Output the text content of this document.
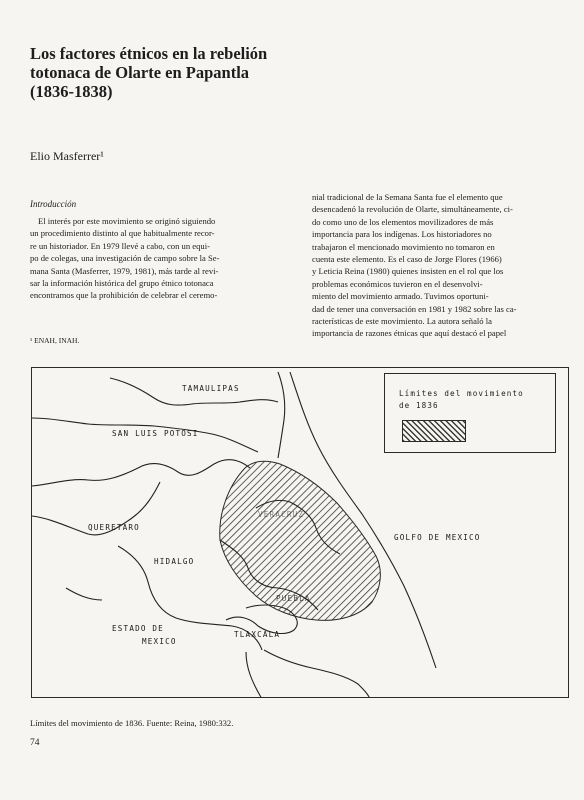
Los factores étnicos en la rebelión
totonaca de Olarte en Papantla
(1836-1838)

Elio Masferrer¹

Introducción

El interés por este movimiento se originó siguiendo

un procedimiento distinto al que habitualmente recor-

re un historiador. En 1979 llevé a cabo, con un equi-

po de colegas, una investigación de campo sobre la Se-

mana Santa (Masferrer, 1979, 1981), más tarde al revi-

sar la información histórica del grupo étnico totonaca

encontramos que la prohibición de celebrar el ceremo-

¹ ENAH, INAH.

nial tradicional de la Semana Santa fue el elemento que

desencadenó la revolución de Olarte, simultáneamente, ci-

do como uno de los elementos movilizadores de más

importancia para los indígenas. Los historiadores no

trabajaron el mencionado movimiento no tomaron en

cuenta este elemento. Es el caso de Jorge Flores (1966)

y Leticia Reina (1980) quienes insisten en el rol que los

problemas económicos tuvieron en el desenvolvi-

miento del movimiento armado. Tuvimos oportuni-

dad de tener una conversación en 1981 y 1982 sobre las ca-

racterísticas de este movimiento. La autora señaló la

importancia de razones étnicas que aquí destacó el papel

TAMAULIPAS
SAN LUIS POTOSI
QUERETARO
HIDALGO
VERACRUZ
GOLFO DE MEXICO
PUEBLA
ESTADO DE
MEXICO
TLAXCALA
Límites del movimiento
de 1836

Límites del movimiento de 1836. Fuente: Reina, 1980:332.

74
